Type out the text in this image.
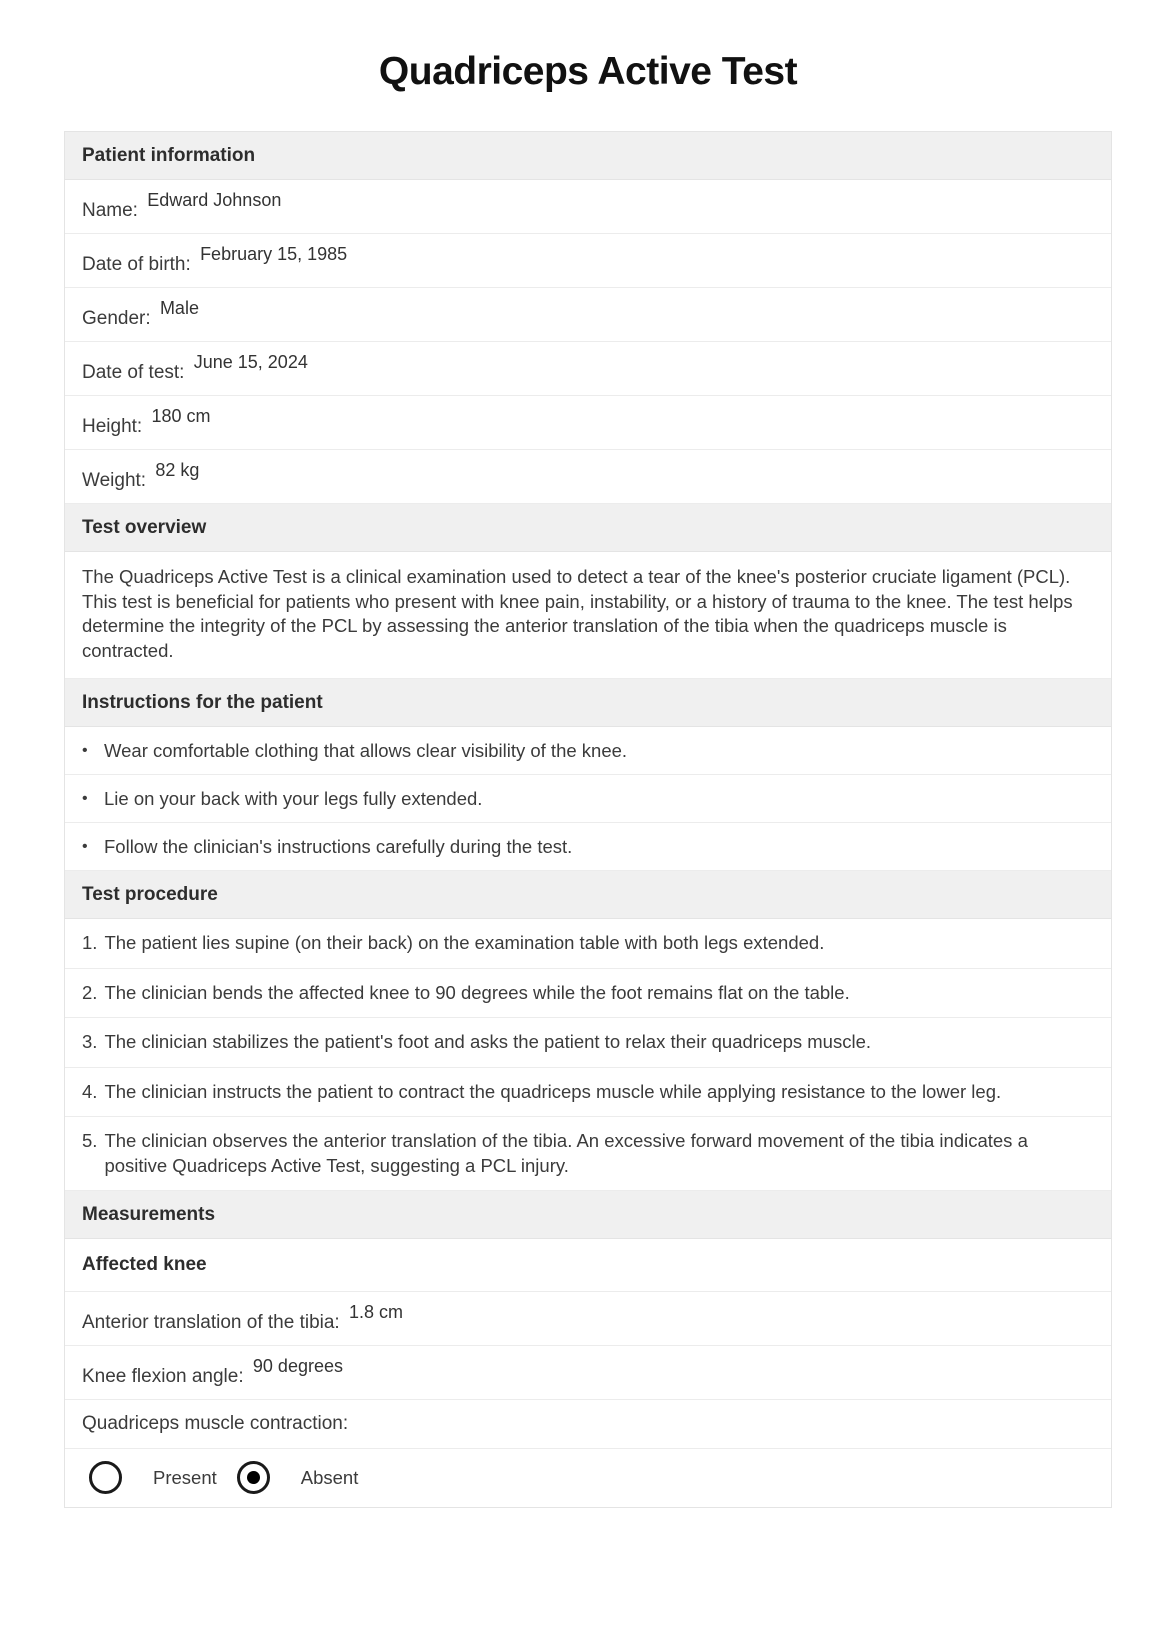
Quadriceps Active Test
Patient information
Name: Edward Johnson
Date of birth: February 15, 1985
Gender: Male
Date of test: June 15, 2024
Height: 180 cm
Weight: 82 kg
Test overview
The Quadriceps Active Test is a clinical examination used to detect a tear of the knee's posterior cruciate ligament (PCL). This test is beneficial for patients who present with knee pain, instability, or a history of trauma to the knee. The test helps determine the integrity of the PCL by assessing the anterior translation of the tibia when the quadriceps muscle is contracted.
Instructions for the patient
• Wear comfortable clothing that allows clear visibility of the knee.
• Lie on your back with your legs fully extended.
• Follow the clinician's instructions carefully during the test.
Test procedure
1. The patient lies supine (on their back) on the examination table with both legs extended.
2. The clinician bends the affected knee to 90 degrees while the foot remains flat on the table.
3. The clinician stabilizes the patient's foot and asks the patient to relax their quadriceps muscle.
4. The clinician instructs the patient to contract the quadriceps muscle while applying resistance to the lower leg.
5. The clinician observes the anterior translation of the tibia. An excessive forward movement of the tibia indicates a positive Quadriceps Active Test, suggesting a PCL injury.
Measurements
Affected knee
Anterior translation of the tibia: 1.8 cm
Knee flexion angle: 90 degrees
Quadriceps muscle contraction:
Present	Absent
